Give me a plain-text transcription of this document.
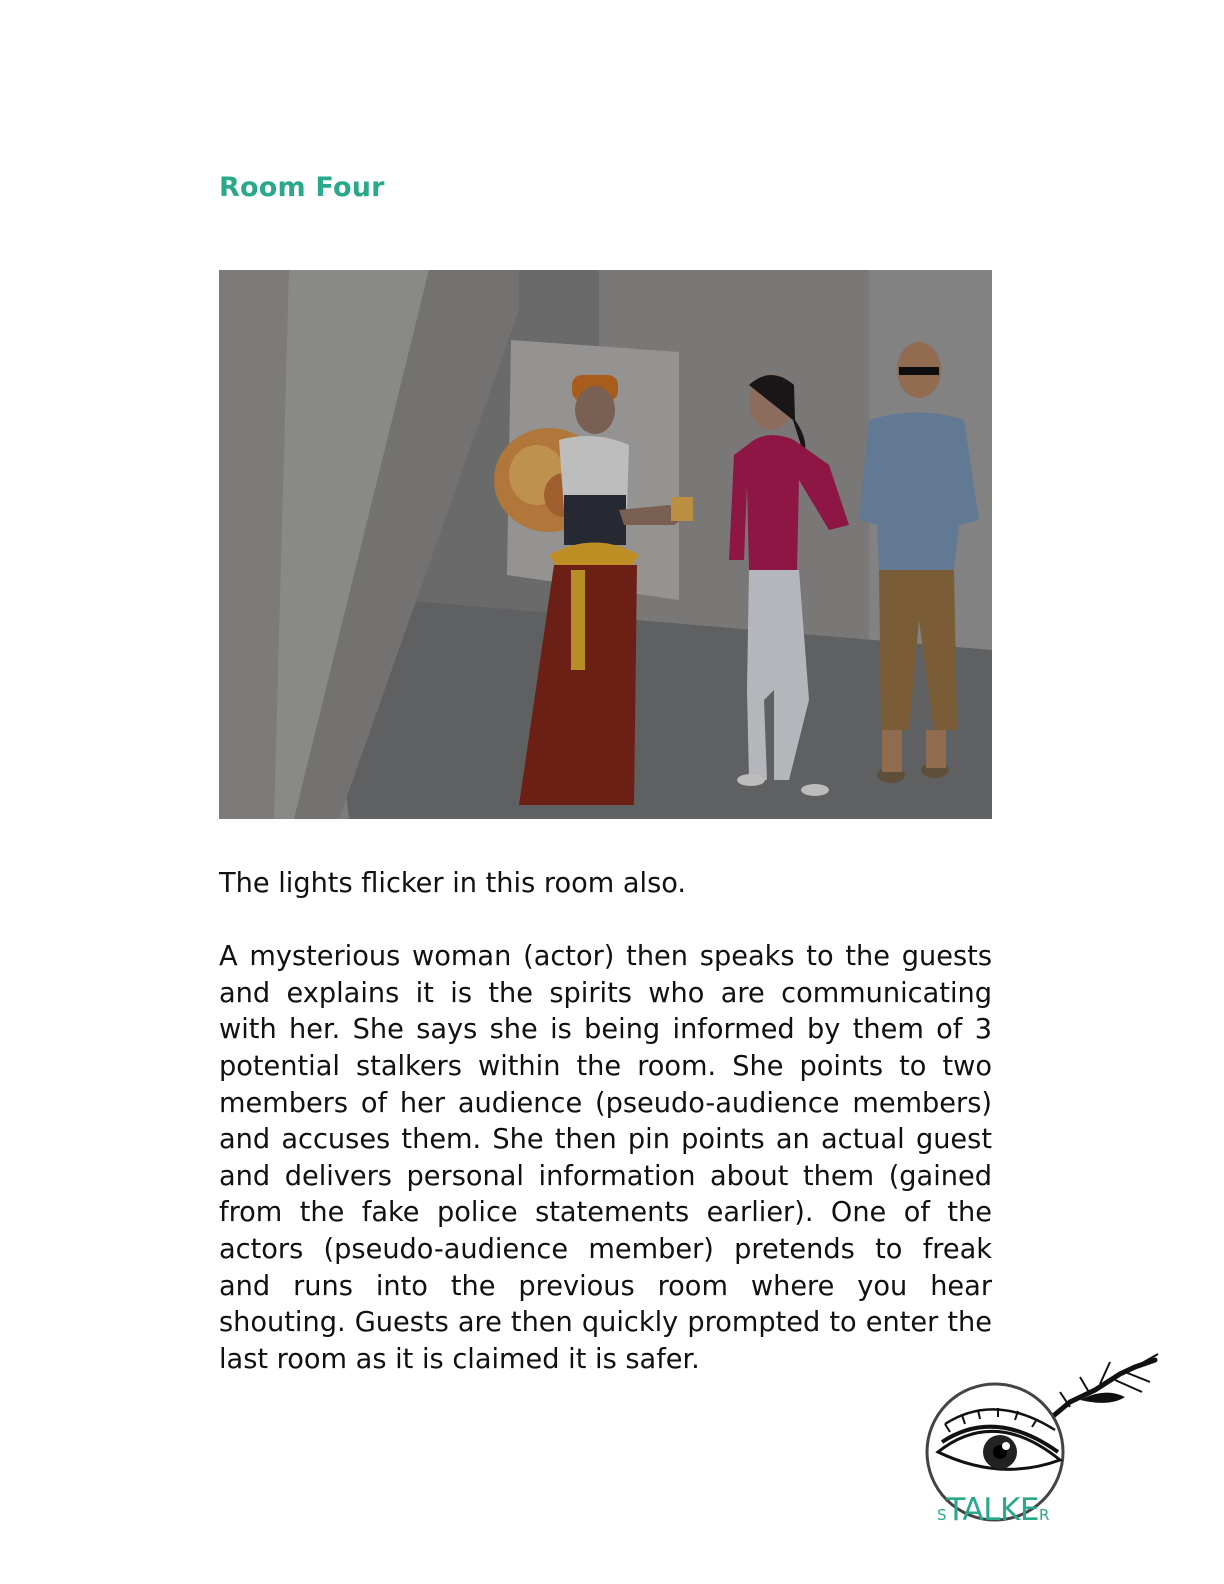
Room Four

The lights flicker in this room also.

A mysterious woman (actor) then speaks to the guests and explains it is the spirits who are communicating with her. She says she is being informed by them of 3 potential stalkers within the room. She points to two members of her audience (pseudo-audience members) and accuses them. She then pin points an actual guest and delivers personal information about them (gained from the fake police statements earlier). One of the actors (pseudo-audience member) pretends to freak and runs into the previous room where you hear shouting. Guests are then quickly prompted to enter the last room as it is claimed it is safer.

STALKER
